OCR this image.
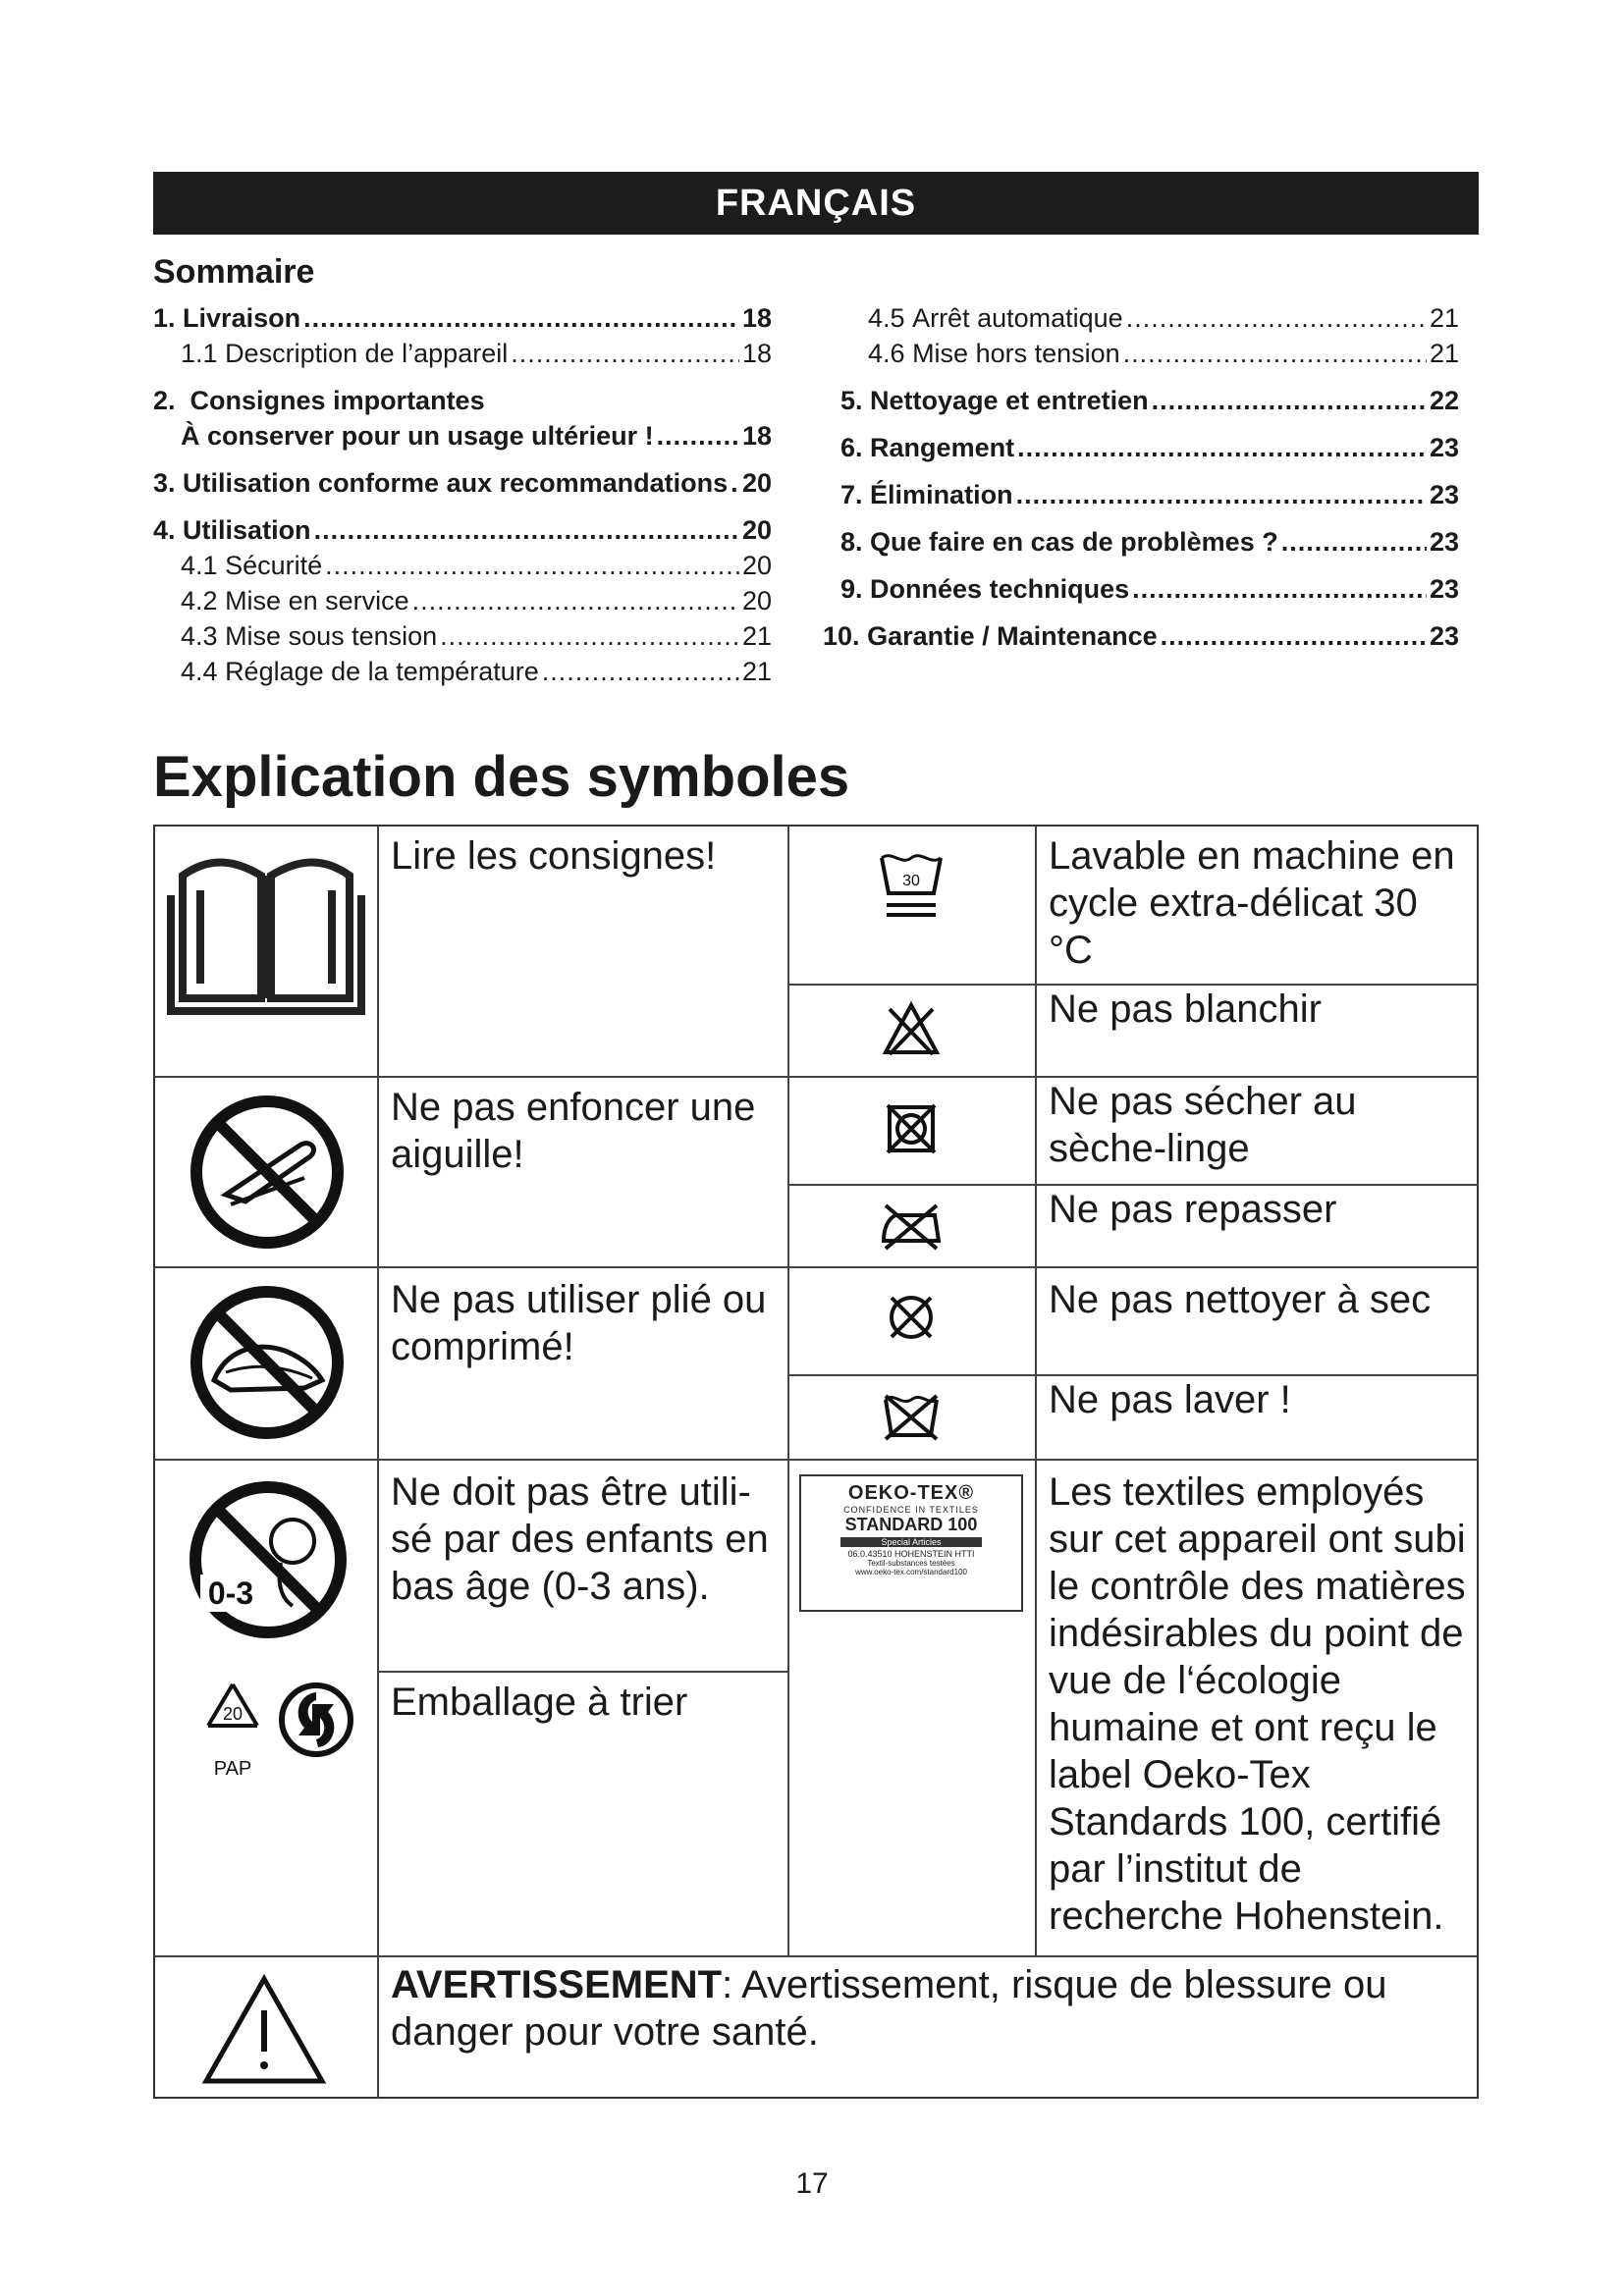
FRANÇAIS
Sommaire
1.
Livraison .....	18
1.1
Description de l’appareil .....	18
2.
Consignes importantes
À conserver pour un usage ultérieur ! .....	18
3.
Utilisation conforme aux recommandations ..... 20
4.
Utilisation .....	20
4.1
Sécurité .....	20
4.2
Mise en service .....	20
4.3
Mise sous tension .....	21
4.4
Réglage de la température .....	21
4.5
Arrêt automatique .....	21
4.6
Mise hors tension .....	21
5.
Nettoyage et entretien .....	22
6.
Rangement .....	23
7.
Élimination .....	23
8.
Que faire en cas de problèmes ? .....	23
9.
Données techniques .....	23
10.
Garantie / Maintenance .....	23
Explication des symboles
Lire les consignes!
Ne pas enfoncer une aiguille!
Ne pas utiliser plié ou comprimé!
0-3
Ne doit pas être utili-sé par des enfants en bas âge (0-3 ans).
20
PAP
Emballage à trier
30
Lavable en machine en cycle extra-délicat 30 °C
Ne pas blanchir
Ne pas sécher au sèche-linge
Ne pas repasser
Ne pas nettoyer à sec
Ne pas laver !
OEKO-TEX®
CONFIDENCE IN TEXTILES
STANDARD 100
Special Articles
06.0.43510 HOHENSTEIN HTTI
Textil-substances testées
www.oeko-tex.com/standard100
Les textiles employés sur cet appareil ont subi le contrôle des matières indésirables du point de vue de l‘écologie humaine et ont reçu le label Oeko-Tex Standards 100, certifié par l’institut de recherche Hohenstein.
AVERTISSEMENT: Avertissement, risque de blessure ou danger pour votre santé.
17
